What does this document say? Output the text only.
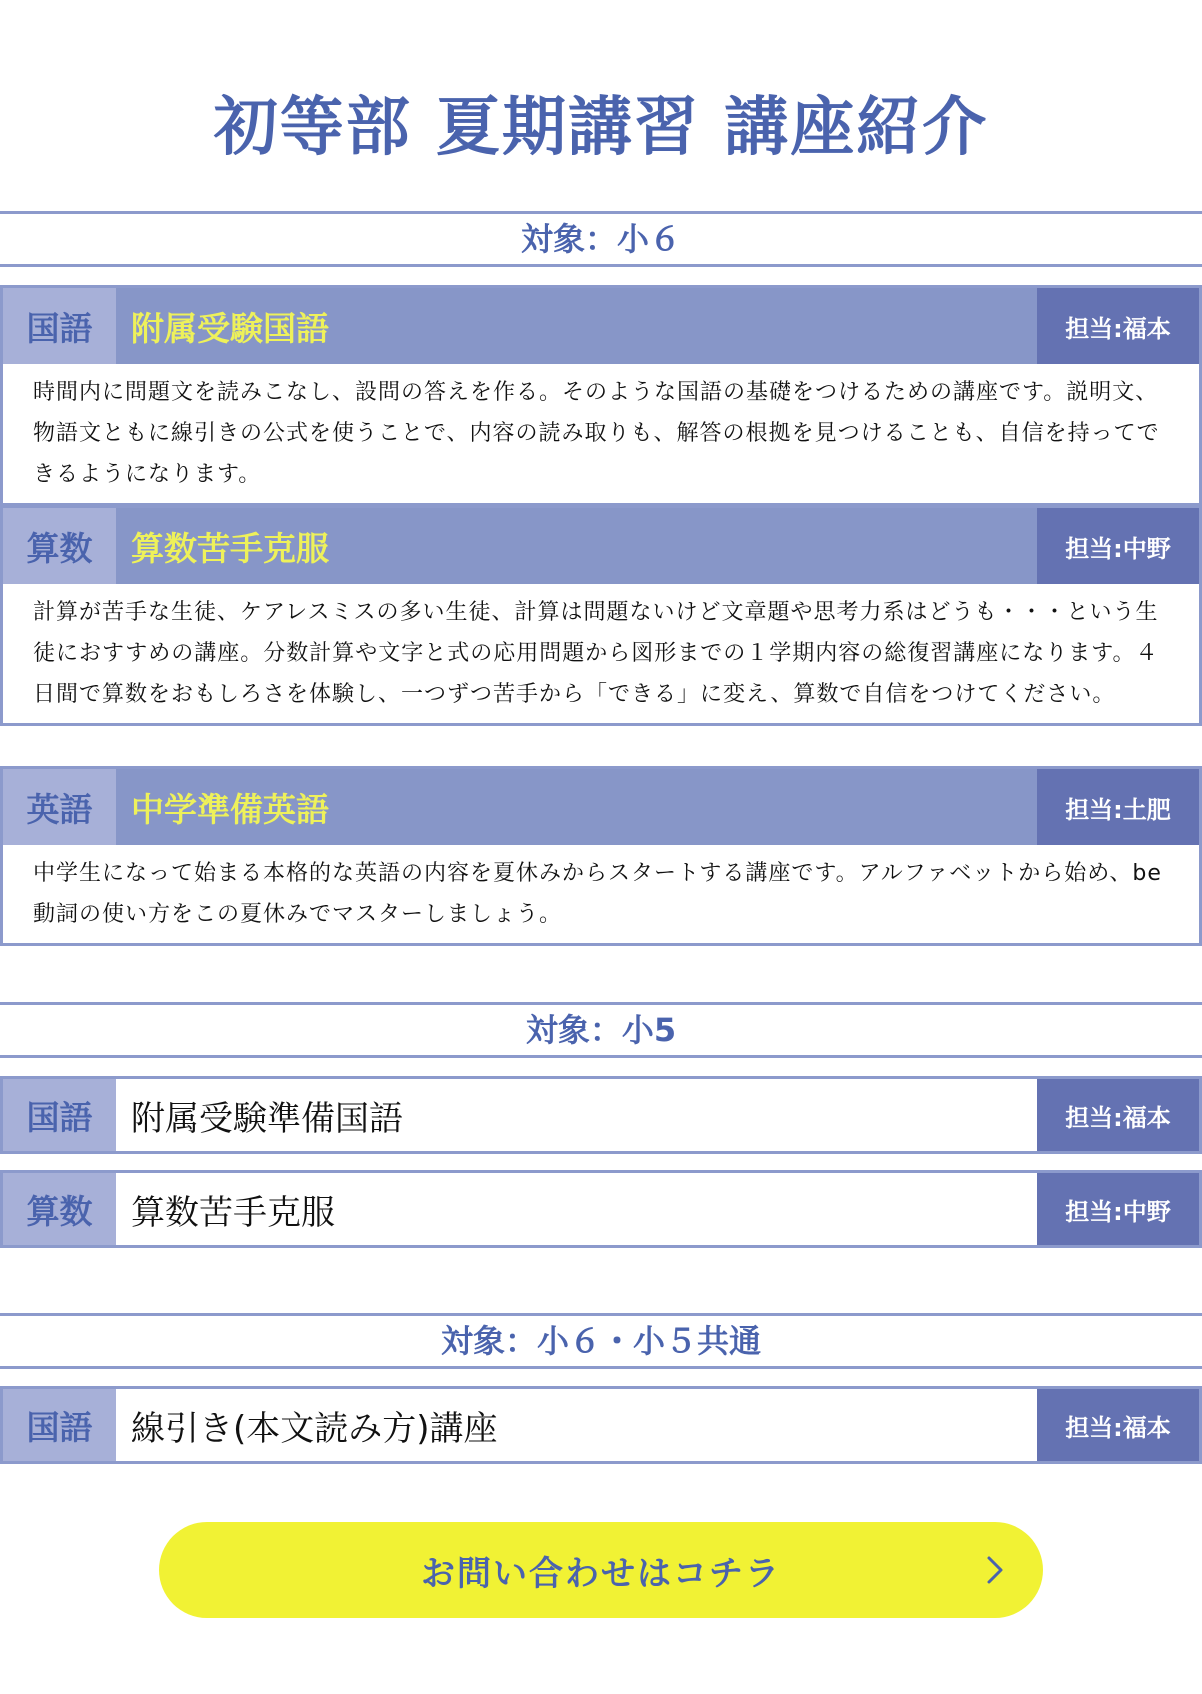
初等部 夏期講習 講座紹介
対象：小６
国語	附属受験国語	担当:福本
時間内に問題文を読みこなし、設問の答えを作る。そのような国語の基礎をつけるための講座です。説明文、物語文ともに線引きの公式を使うことで、内容の読み取りも、解答の根拠を見つけることも、自信を持ってできるようになります。
算数	算数苦手克服	担当:中野
計算が苦手な生徒、ケアレスミスの多い生徒、計算は問題ないけど文章題や思考力系はどうも・・・という生徒におすすめの講座。分数計算や文字と式の応用問題から図形までの１学期内容の総復習講座になります。４日間で算数をおもしろさを体験し、一つずつ苦手から「できる」に変え、算数で自信をつけてください。
英語	中学準備英語	担当:土肥
中学生になって始まる本格的な英語の内容を夏休みからスタートする講座です。アルファベットから始め、be動詞の使い方をこの夏休みでマスターしましょう。
対象：小5
国語	附属受験準備国語	担当:福本
算数	算数苦手克服	担当:中野
対象：小６・小５共通
国語	線引き(本文読み方)講座	担当:福本
お問い合わせはコチラ
